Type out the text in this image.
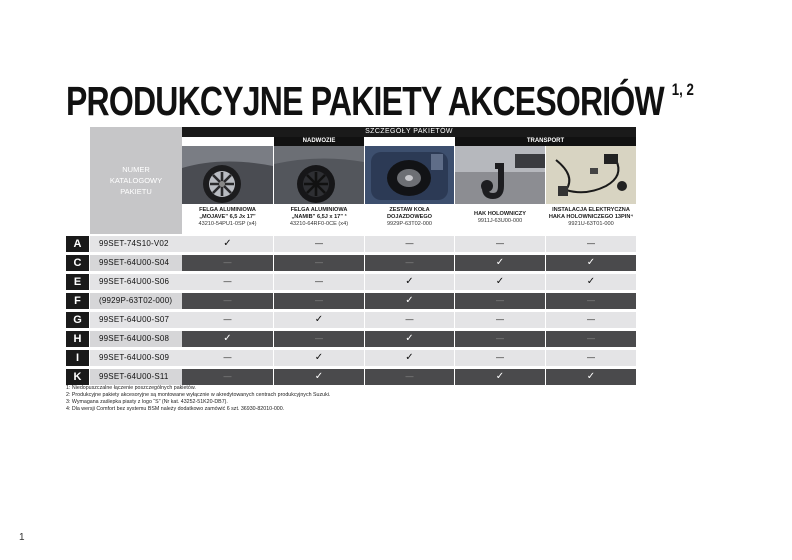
PRODUKCYJNE PAKIETY AKCESORIÓW $^{1, 2}$
NUMER
KATALOGOWY
PAKIETU
SZCZEGÓŁY PAKIETÓW
NADWOZIE	TRANSPORT
FELGA ALUMINIOWA
„MOJAVE” 6,5 Jx 17”
43210-54PU1-0SP (x4)
FELGA ALUMINIOWA
„NAMIB” 6,5J x 17” ³
43210-64RF0-0CE (x4)
ZESTAW KOŁA
DOJAZDOWEGO
9929P-63T02-000
HAK HOLOWNICZY
9911J-63U00-000
INSTALACJA ELEKTRYCZNA
HAKA HOLOWNICZEGO 13PIN⁴
9921U-63T01-000
A	99SET-74S10-V02	✓	—	—	—	—
C	99SET-64U00-S04	—	—	—	✓	✓
E	99SET-64U00-S06	—	—	✓	✓	✓
F	(9929P-63T02-000)	—	—	✓	—	—
G	99SET-64U00-S07	—	✓	—	—	—
H	99SET-64U00-S08	✓	—	✓	—	—
I	99SET-64U00-S09	—	✓	✓	—	—
K	99SET-64U00-S11	—	✓	—	✓	✓
1: Niedopuszczalne łączenie poszczególnych pakietów.
2: Produkcyjne pakiety akcesoryjne są montowane wyłącznie w akredytowanych centrach produkcyjnych Suzuki.
3: Wymagana zaślepka piasty z logo “S” (Nr kat. 43252-51K20-DB7).
4: Dla wersji Comfort bez systemu BSM należy dodatkowo zamówić 6 szt. 36930-82010-000.
1
